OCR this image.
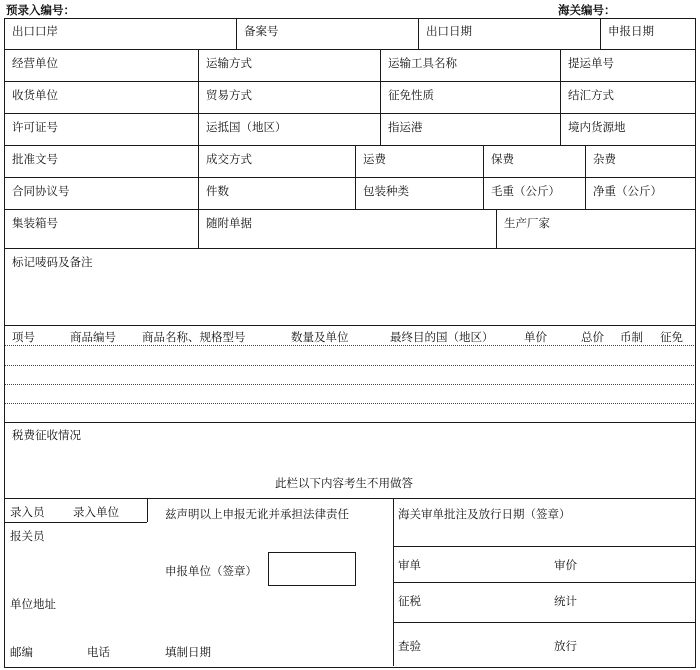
预录入编号：	海关编号：
出口口岸	备案号	出口日期	申报日期
经营单位	运输方式	运输工具名称	提运单号
收货单位	贸易方式	征免性质	结汇方式
许可证号	运抵国（地区）	指运港	境内货源地
批准文号	成交方式	运费	保费	杂费
合同协议号	件数	包装种类	毛重（公斤）	净重（公斤）
集装箱号	随附单据	生产厂家
标记唛码及备注
项号	商品编号 商品名称、规格型号	数量及单位	最终目的国（地区）	单价	总价 币制 征免
税费征收情况
此栏以下内容考生不用做答
录入员 录入单位	兹声明以上申报无讹并承担法律责任	海关审单批注及放行日期（签章）
报关员
申报单位（签章）	审单	审价
单位地址	征税	统计
邮编	电话	填制日期	查验	放行
